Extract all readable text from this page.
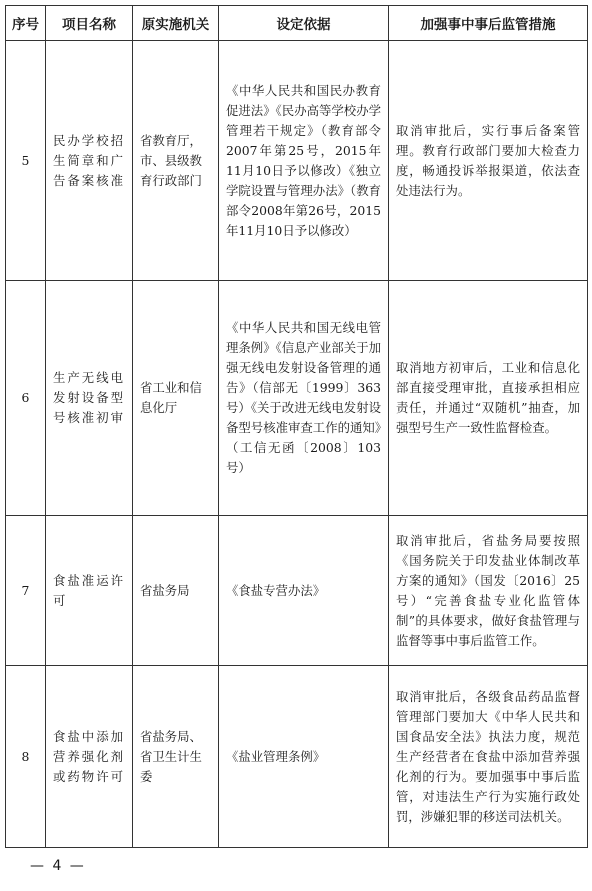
序号	项目名称	原实施机关	设定依据	加强事中事后监管措施
5	民办学校招生简章和广告备案核准	省教育厅，市、县级教育行政部门	《中华人民共和国民办教育促进法》《民办高等学校办学管理若干规定》（教育部令2007年第25号，2015年11月10日予以修改）《独立学院设置与管理办法》（教育部令2008年第26号，2015年11月10日予以修改）	取消审批后，实行事后备案管理。教育行政部门要加大检查力度，畅通投诉举报渠道，依法查处违法行为。
6	生产无线电发射设备型号核准初审	省工业和信息化厅	《中华人民共和国无线电管理条例》《信息产业部关于加强无线电发射设备管理的通告》（信部无〔1999〕363号）《关于改进无线电发射设备型号核准审查工作的通知》（工信无函〔2008〕103号）	取消地方初审后，工业和信息化部直接受理审批，直接承担相应责任，并通过“双随机”抽查，加强型号生产一致性监督检查。
7	食盐准运许可	省盐务局	《食盐专营办法》	取消审批后，省盐务局要按照《国务院关于印发盐业体制改革方案的通知》（国发〔2016〕25号）“完善食盐专业化监管体制”的具体要求，做好食盐管理与监督等事中事后监管工作。
8	食盐中添加营养强化剂或药物许可	省盐务局、省卫生计生委	《盐业管理条例》	取消审批后，各级食品药品监督管理部门要加大《中华人民共和国食品安全法》执法力度，规范生产经营者在食盐中添加营养强化剂的行为。要加强事中事后监管，对违法生产行为实施行政处罚，涉嫌犯罪的移送司法机关。
— 4 —
